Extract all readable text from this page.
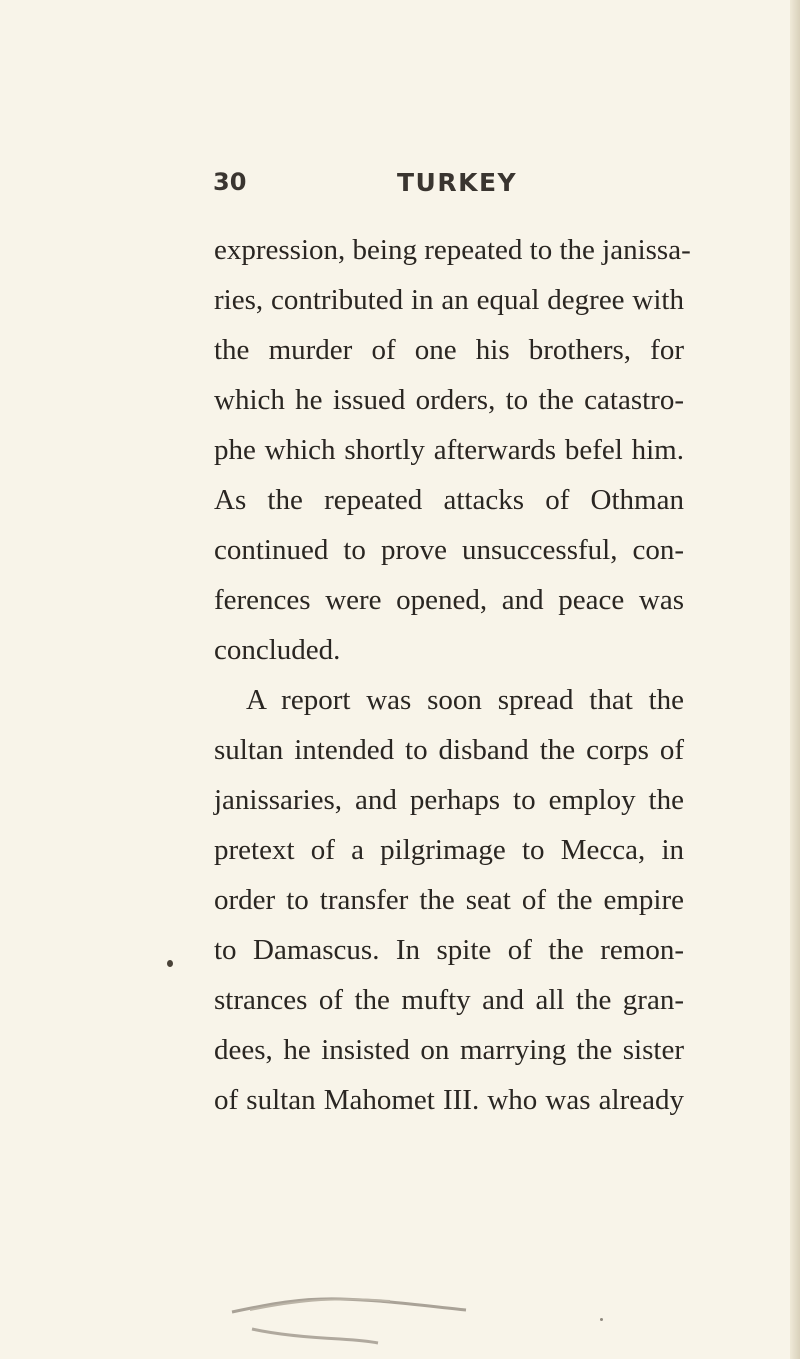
30	TURKEY
expression, being repeated to the janissa-
ries, contributed in an equal degree with
the murder of one his brothers, for
which he issued orders, to the catastro-
phe which shortly afterwards befel him.
As the repeated attacks of Othman
continued to prove unsuccessful, con-
ferences were opened, and peace was
concluded.
A report was soon spread that the
sultan intended to disband the corps of
janissaries, and perhaps to employ the
pretext of a pilgrimage to Mecca, in
order to transfer the seat of the empire
to Damascus. In spite of the remon-
strances of the mufty and all the gran-
dees, he insisted on marrying the sister
of sultan Mahomet III. who was already
